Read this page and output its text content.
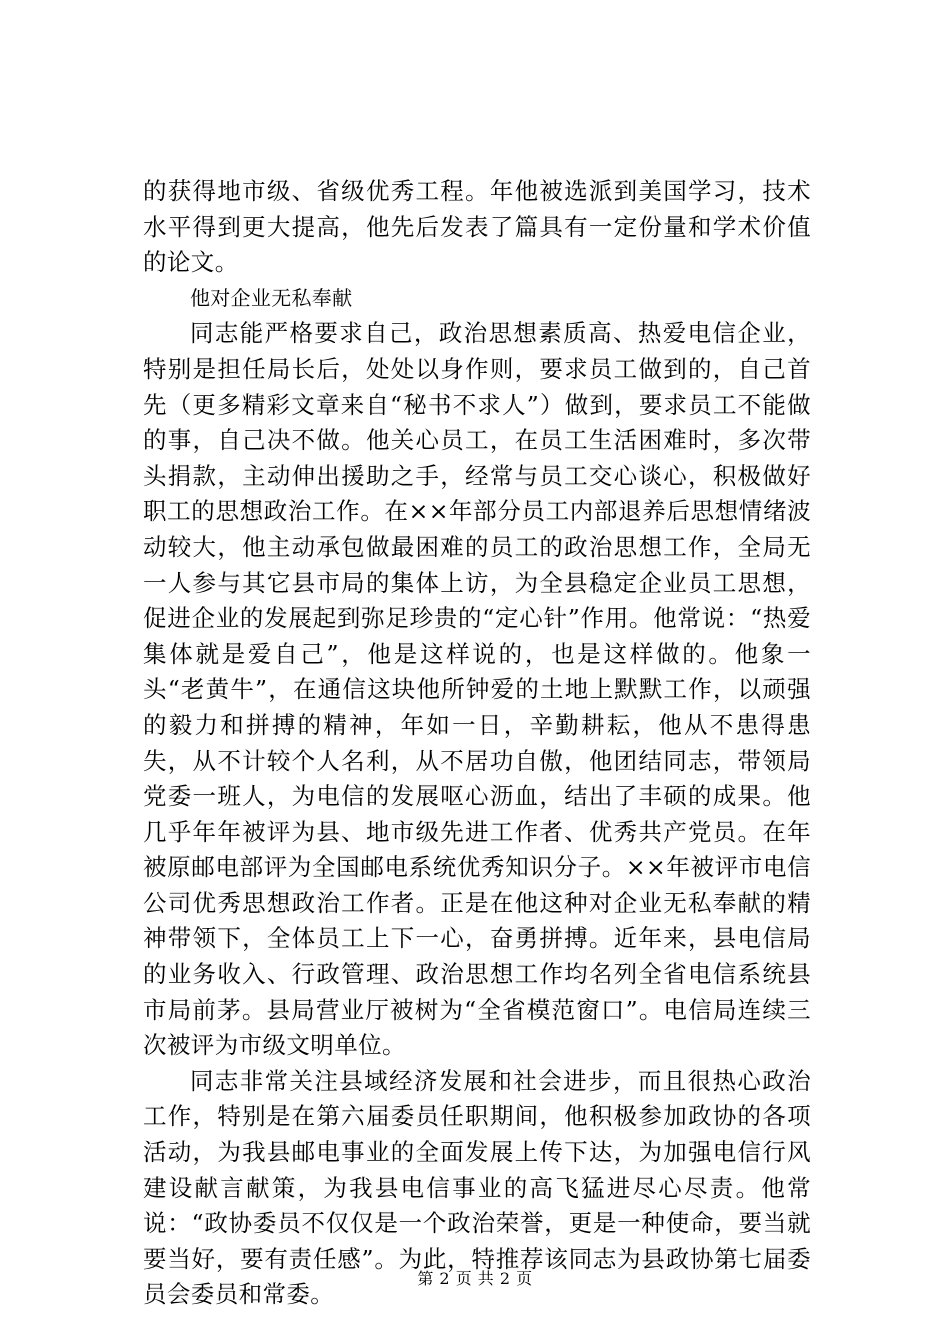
的获得地市级、省级优秀工程。年他被选派到美国学习，技术水平得到更大提高，他先后发表了篇具有一定份量和学术价值的论文。

他对企业无私奉献

同志能严格要求自己，政治思想素质高、热爱电信企业，特别是担任局长后，处处以身作则，要求员工做到的，自己首先（更多精彩文章来自“秘书不求人”）做到，要求员工不能做的事，自己决不做。他关心员工，在员工生活困难时，多次带头捐款，主动伸出援助之手，经常与员工交心谈心，积极做好职工的思想政治工作。在××年部分员工内部退养后思想情绪波动较大，他主动承包做最困难的员工的政治思想工作，全局无一人参与其它县市局的集体上访，为全县稳定企业员工思想，促进企业的发展起到弥足珍贵的“定心针”作用。他常说：“热爱集体就是爱自己”，他是这样说的，也是这样做的。他象一头“老黄牛”，在通信这块他所钟爱的土地上默默工作，以顽强的毅力和拼搏的精神，年如一日，辛勤耕耘，他从不患得患失，从不计较个人名利，从不居功自傲，他团结同志，带领局党委一班人，为电信的发展呕心沥血，结出了丰硕的成果。他几乎年年被评为县、地市级先进工作者、优秀共产党员。在年被原邮电部评为全国邮电系统优秀知识分子。××年被评市电信公司优秀思想政治工作者。正是在他这种对企业无私奉献的精神带领下，全体员工上下一心，奋勇拼搏。近年来，县电信局的业务收入、行政管理、政治思想工作均名列全省电信系统县市局前茅。县局营业厅被树为“全省模范窗口”。电信局连续三次被评为市级文明单位。

同志非常关注县域经济发展和社会进步，而且很热心政治工作，特别是在第六届委员任职期间，他积极参加政协的各项活动，为我县邮电事业的全面发展上传下达，为加强电信行风建设献言献策，为我县电信事业的高飞猛进尽心尽责。他常说：“政协委员不仅仅是一个政治荣誉，更是一种使命，要当就要当好，要有责任感”。为此，特推荐该同志为县政协第七届委员会委员和常委。

第 2 页 共 2 页
